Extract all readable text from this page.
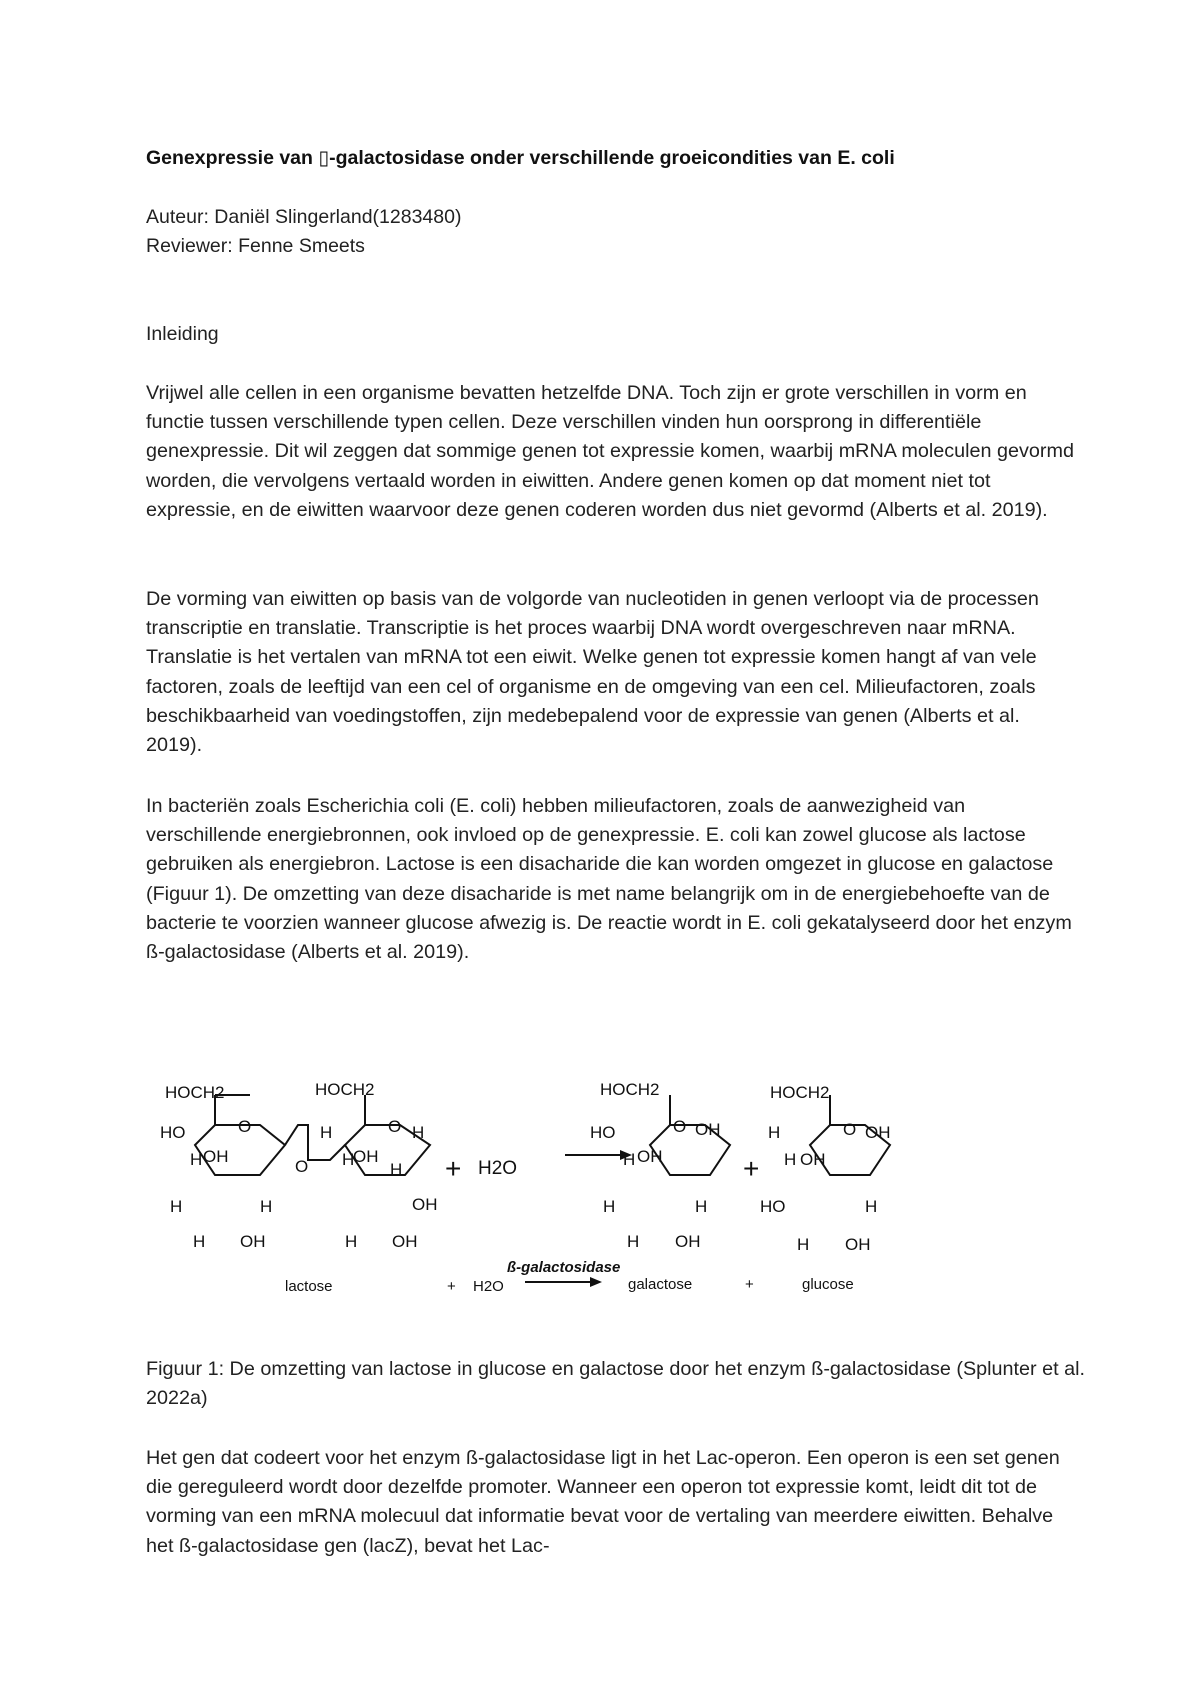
Genexpressie van ▯-galactosidase onder verschillende groeicondities van E. coli
Auteur: Daniël Slingerland(1283480)
Reviewer: Fenne Smeets
Inleiding

Vrijwel alle cellen in een organisme bevatten hetzelfde DNA. Toch zijn er grote verschillen in vorm en functie tussen verschillende typen cellen. Deze verschillen vinden hun oorsprong in differentiële genexpressie. Dit wil zeggen dat sommige genen tot expressie komen, waarbij mRNA moleculen gevormd worden, die vervolgens vertaald worden in eiwitten. Andere genen komen op dat moment niet tot expressie, en de eiwitten waarvoor deze genen coderen worden dus niet gevormd (Alberts et al. 2019).

De vorming van eiwitten op basis van de volgorde van nucleotiden in genen verloopt via de processen transcriptie en translatie. Transcriptie is het proces waarbij DNA wordt overgeschreven naar mRNA. Translatie is het vertalen van mRNA tot een eiwit. Welke genen tot expressie komen hangt af van vele factoren, zoals de leeftijd van een cel of organisme en de omgeving van een cel. Milieufactoren, zoals beschikbaarheid van voedingstoffen, zijn medebepalend voor de expressie van genen (Alberts et al. 2019).

In bacteriën zoals Escherichia coli (E. coli) hebben milieufactoren, zoals de aanwezigheid van verschillende energiebronnen, ook invloed op de genexpressie. E. coli kan zowel glucose als lactose gebruiken als energiebron. Lactose is een disacharide die kan worden omgezet in glucose en galactose (Figuur 1). De omzetting van deze disacharide is met name belangrijk om in de energiebehoefte van de bacterie te voorzien wanneer glucose afwezig is. De reactie wordt in E. coli gekatalyseerd door het enzym ß-galactosidase (Alberts et al. 2019).

HOCH2	HOCH2	HOCH2	HOCH2
HO	HO
HO
O
O
O	O	O
OH	OH
OH
OH	OH
OH
OH
OH
OH
OH
OH
H
H	H
H
H
H
H
H
H
H
H	H
H
H
H
H
H
+ H2O	+
lactose	+ H2O
ß-galactosidase
galactose	+	glucose

Figuur 1: De omzetting van lactose in glucose en galactose door het enzym ß-galactosidase (Splunter et al. 2022a)

Het gen dat codeert voor het enzym ß-galactosidase ligt in het Lac-operon. Een operon is een set genen die gereguleerd wordt door dezelfde promoter. Wanneer een operon tot expressie komt, leidt dit tot de vorming van een mRNA molecuul dat informatie bevat voor de vertaling van meerdere eiwitten. Behalve het ß-galactosidase gen (lacZ), bevat het Lac-
